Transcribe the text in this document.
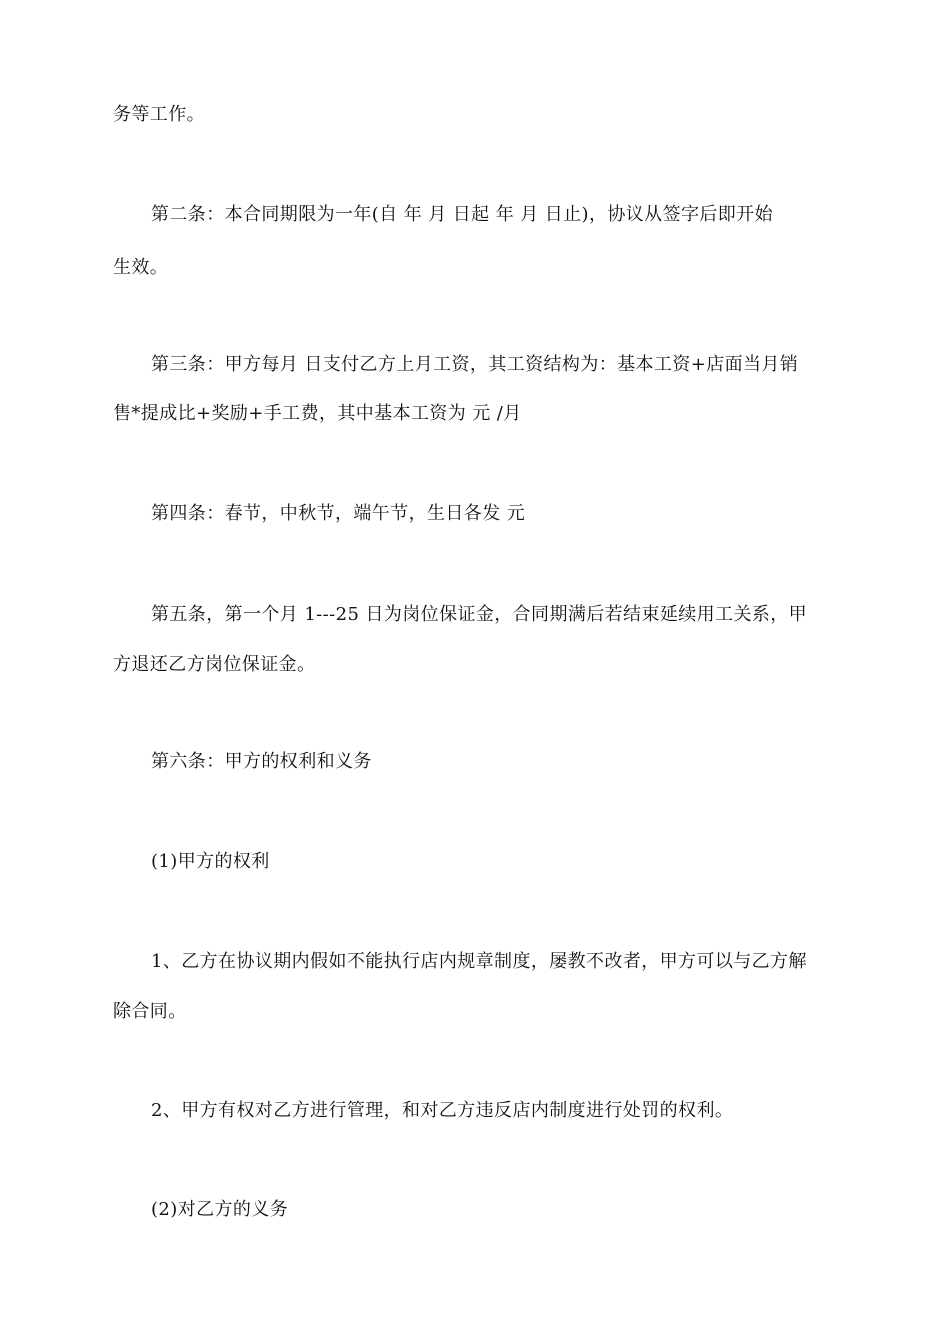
务等工作。
第二条：本合同期限为一年(自 年 月 日起 年 月 日止)，协议从签字后即开始
生效。
第三条：甲方每月 日支付乙方上月工资，其工资结构为：基本工资+店面当月销
售*提成比+奖励+手工费，其中基本工资为 元 /月
第四条：春节，中秋节，端午节，生日各发 元
第五条，第一个月 1---25 日为岗位保证金，合同期满后若结束延续用工关系，甲
方退还乙方岗位保证金。
第六条：甲方的权利和义务
(1)甲方的权利
1、乙方在协议期内假如不能执行店内规章制度，屡教不改者，甲方可以与乙方解
除合同。
2、甲方有权对乙方进行管理，和对乙方违反店内制度进行处罚的权利。
(2)对乙方的义务
